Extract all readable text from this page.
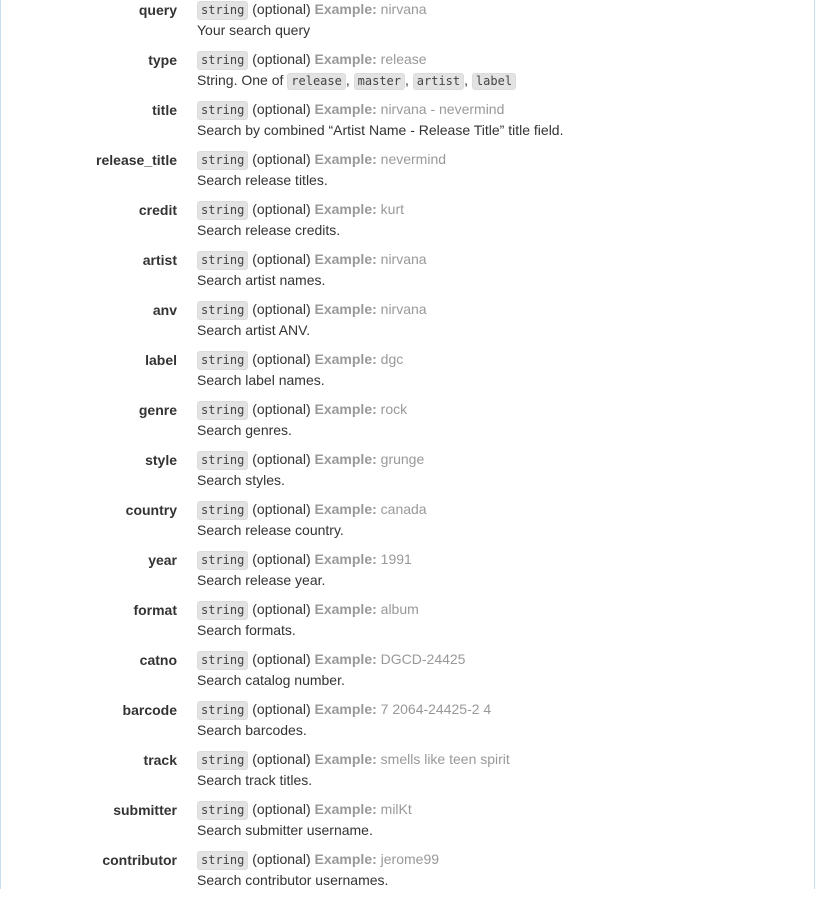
query	string (optional) Example: nirvana
Your search query
type	string (optional) Example: release
String. One of release , master , artist , label
title	string (optional) Example: nirvana - nevermind
Search by combined “Artist Name - Release Title” title field.
release_title	string (optional) Example: nevermind
Search release titles.
credit	string (optional) Example: kurt
Search release credits.
artist	string (optional) Example: nirvana
Search artist names.
anv	string (optional) Example: nirvana
Search artist ANV.
label	string (optional) Example: dgc
Search label names.
genre	string (optional) Example: rock
Search genres.
style	string (optional) Example: grunge
Search styles.
country	string (optional) Example: canada
Search release country.
year	string (optional) Example: 1991
Search release year.
format	string (optional) Example: album
Search formats.
catno	string (optional) Example: DGCD-24425
Search catalog number.
barcode	string (optional) Example: 7 2064-24425-2 4
Search barcodes.
track	string (optional) Example: smells like teen spirit
Search track titles.
submitter	string (optional) Example: milKt
Search submitter username.
contributor	string (optional) Example: jerome99
Search contributor usernames.
